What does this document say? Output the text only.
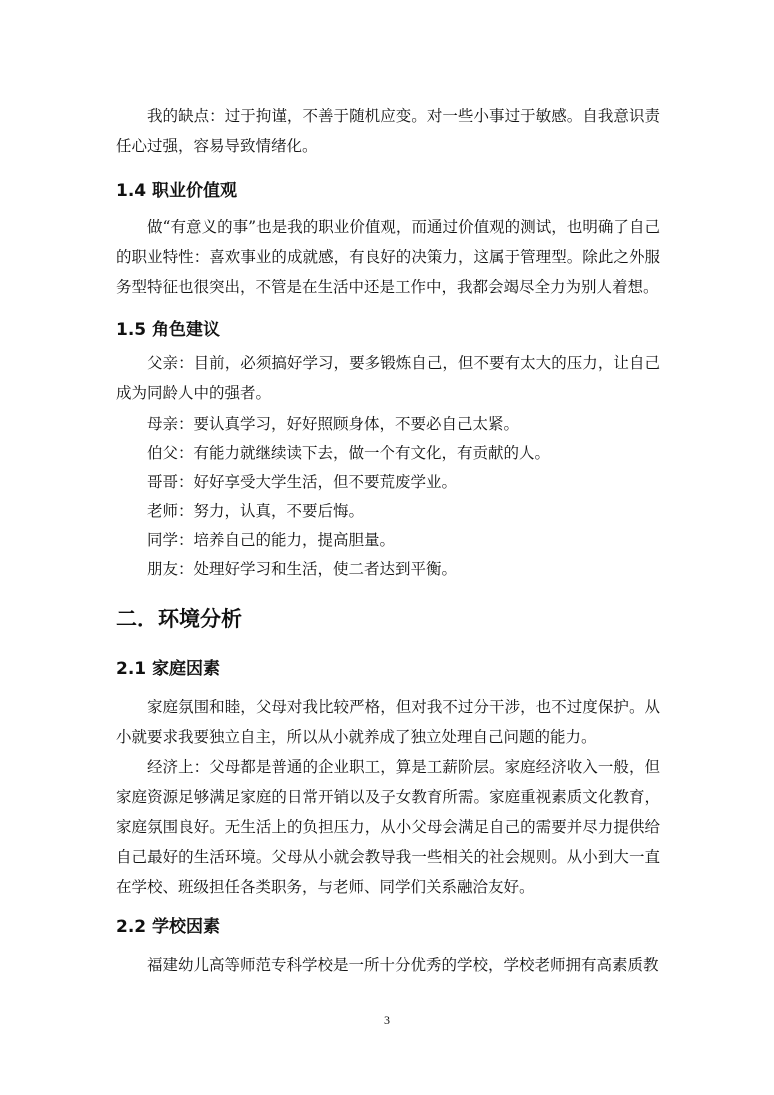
我的缺点：过于拘谨，不善于随机应变。对一些小事过于敏感。自我意识责任心过强，容易导致情绪化。

1.4 职业价值观

做“有意义的事”也是我的职业价值观，而通过价值观的测试，也明确了自己的职业特性：喜欢事业的成就感，有良好的决策力，这属于管理型。除此之外服务型特征也很突出，不管是在生活中还是工作中，我都会竭尽全力为别人着想。

1.5 角色建议

父亲：目前，必须搞好学习，要多锻炼自己，但不要有太大的压力，让自己成为同龄人中的强者。

母亲：要认真学习，好好照顾身体，不要必自己太紧。

伯父：有能力就继续读下去，做一个有文化，有贡献的人。

哥哥：好好享受大学生活，但不要荒废学业。

老师：努力，认真，不要后悔。

同学：培养自己的能力，提高胆量。

朋友：处理好学习和生活，使二者达到平衡。

二．环境分析
2.1 家庭因素

家庭氛围和睦，父母对我比较严格，但对我不过分干涉，也不过度保护。从小就要求我要独立自主，所以从小就养成了独立处理自己问题的能力。

经济上：父母都是普通的企业职工，算是工薪阶层。家庭经济收入一般，但家庭资源足够满足家庭的日常开销以及子女教育所需。家庭重视素质文化教育，家庭氛围良好。无生活上的负担压力，从小父母会满足自己的需要并尽力提供给自己最好的生活环境。父母从小就会教导我一些相关的社会规则。从小到大一直在学校、班级担任各类职务，与老师、同学们关系融洽友好。

2.2 学校因素

福建幼儿高等师范专科学校是一所十分优秀的学校，学校老师拥有高素质教

3
